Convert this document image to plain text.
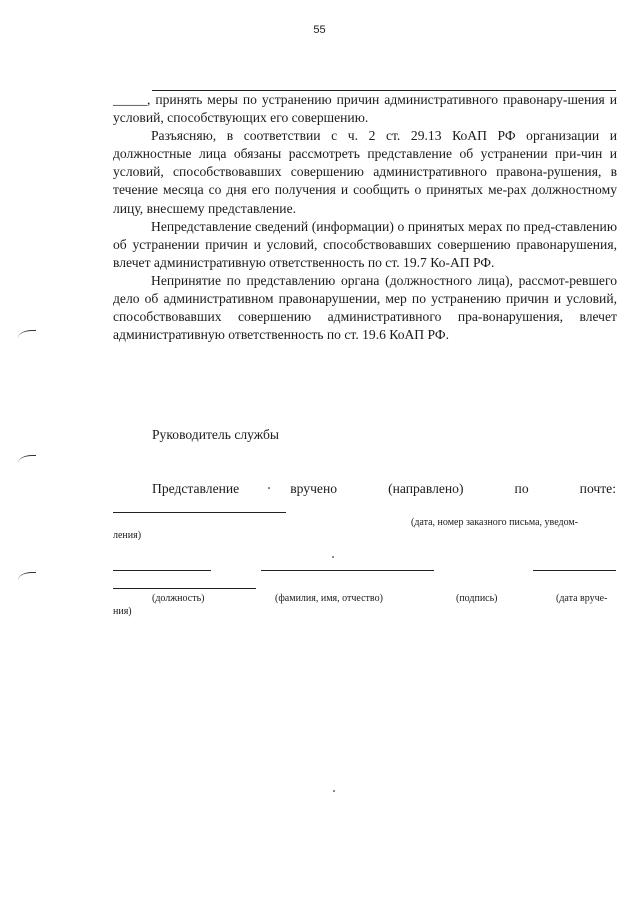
55

_____, принять меры по устранению причин административного правонару-шения и условий, способствующих его совершению.

Разъясняю, в соответствии с ч. 2 ст. 29.13 КоАП РФ организации и должностные лица обязаны рассмотреть представление об устранении при-чин и условий, способствовавших совершению административного правона-рушения, в течение месяца со дня его получения и сообщить о принятых ме-рах должностному лицу, внесшему представление.

Непредставление сведений (информации) о принятых мерах по пред-ставлению об устранении причин и условий, способствовавших совершению правонарушения, влечет административную ответственность по ст. 19.7 Ко-АП РФ.

Непринятие по представлению органа (должностного лица), рассмот-ревшего дело об административном правонарушении, мер по устранению причин и условий, способствовавших совершению административного пра-вонарушения, влечет административную ответственность по ст. 19.6 КоАП РФ.

Руководитель службы
Представление	вручено	(направлено)	по	почте:
(дата, номер заказного письма, уведом-
ления)
(должность)	(фамилия, имя, отчество)	(подпись)	(дата вруче-
ния)
